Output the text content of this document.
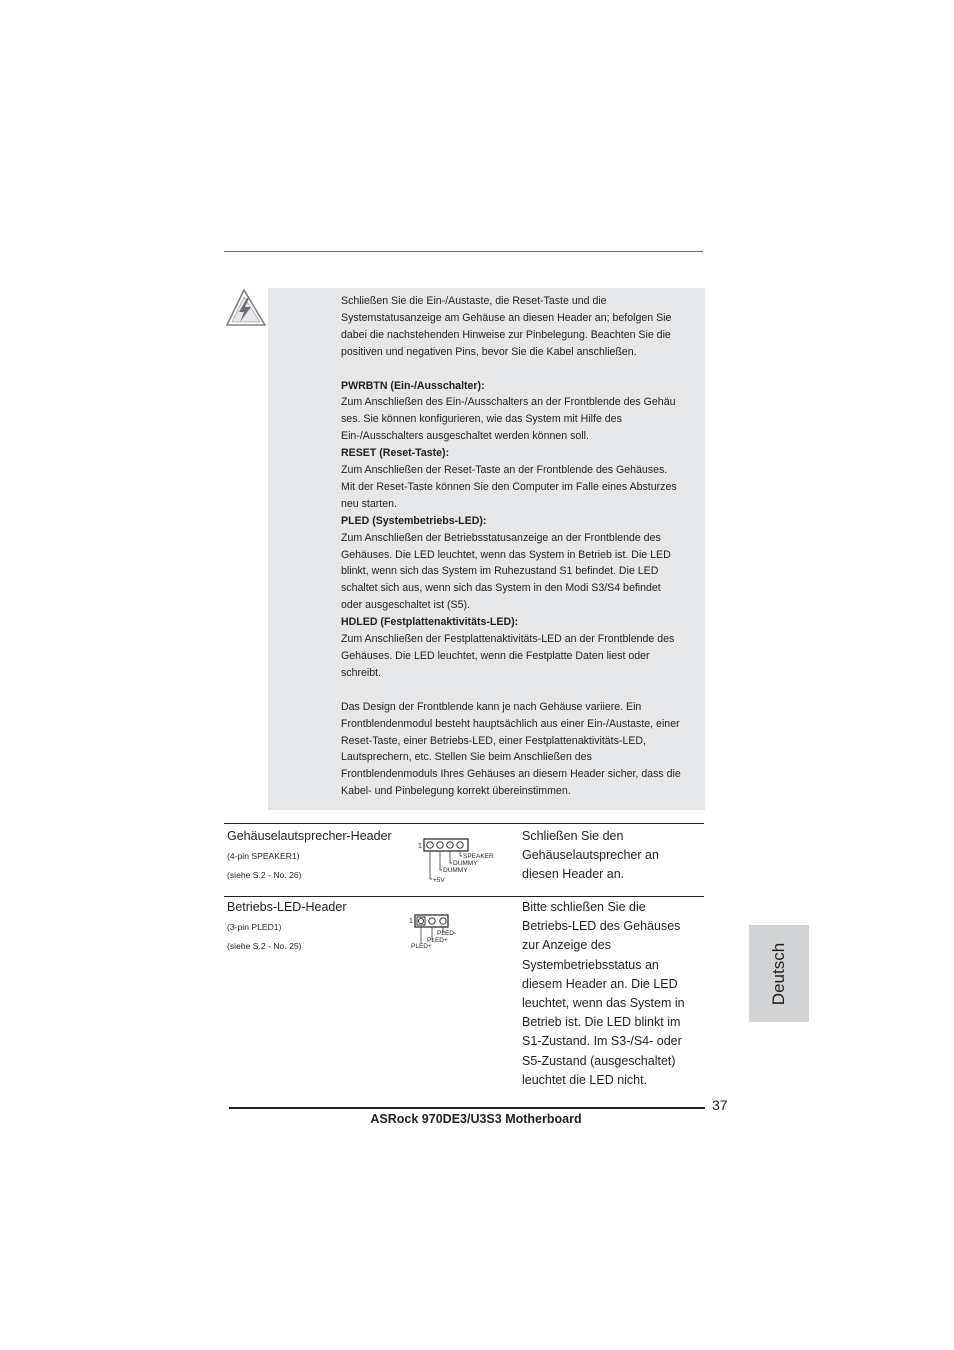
Schließen Sie die Ein-/Austaste, die Reset-Taste und die

Systemstatusanzeige am Gehäuse an diesen Header an; befolgen Sie

dabei die nachstehenden Hinweise zur Pinbelegung. Beachten Sie die

positiven und negativen Pins, bevor Sie die Kabel anschließen.

PWRBTN (Ein-/Ausschalter):

Zum Anschließen des Ein-/Ausschalters an der Frontblende des Gehäu

ses. Sie können konfigurieren, wie das System mit Hilfe des

Ein-/Ausschalters ausgeschaltet werden können soll.

RESET (Reset-Taste):

Zum Anschließen der Reset-Taste an der Frontblende des Gehäuses.

Mit der Reset-Taste können Sie den Computer im Falle eines Absturzes

neu starten.

PLED (Systembetriebs-LED):

Zum Anschließen der Betriebsstatusanzeige an der Frontblende des

Gehäuses. Die LED leuchtet, wenn das System in Betrieb ist. Die LED

blinkt, wenn sich das System im Ruhezustand S1 befindet. Die LED

schaltet sich aus, wenn sich das System in den Modi S3/S4 befindet

oder ausgeschaltet ist (S5).

HDLED (Festplattenaktivitäts-LED):

Zum Anschließen der Festplattenaktivitäts-LED an der Frontblende des

Gehäuses. Die LED leuchtet, wenn die Festplatte Daten liest oder

schreibt.

Das Design der Frontblende kann je nach Gehäuse variiere. Ein

Frontblendenmodul besteht hauptsächlich aus einer Ein-/Austaste, einer

Reset-Taste, einer Betriebs-LED, einer Festplattenaktivitäts-LED,

Lautsprechern, etc. Stellen Sie beim Anschließen des

Frontblendenmoduls Ihres Gehäuses an diesem Header sicher, dass die

Kabel- und Pinbelegung korrekt übereinstimmen.

Gehäuselautsprecher-Header
(4-pin SPEAKER1)
(siehe S.2 - No. 26)
1
SPEAKER
DUMMY
DUMMY
+5V

Schließen Sie den

Gehäuselautsprecher an

diesen Header an.

Betriebs-LED-Header
(3-pin PLED1)
(siehe S.2 - No. 25)
1
PLED-
PLED+
PLED+

Bitte schließen Sie die

Betriebs-LED des Gehäuses

zur Anzeige des

Systembetriebsstatus an

diesem Header an. Die LED

leuchtet, wenn das System in

Betrieb ist. Die LED blinkt im

S1-Zustand. Im S3-/S4- oder

S5-Zustand (ausgeschaltet)

leuchtet die LED nicht.

Deutsch
37
ASRock 970DE3/U3S3 Motherboard
